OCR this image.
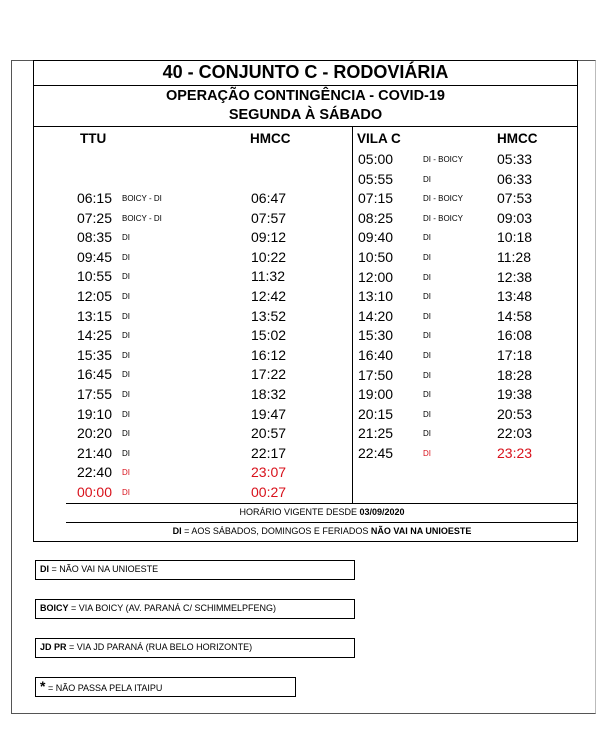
40 - CONJUNTO C - RODOVIÁRIA
OPERAÇÃO CONTINGÊNCIA - COVID-19
SEGUNDA À SÁBADO
TTU	HMCC	VILA C	HMCC
06:15 BOICY - DI	06:47
07:25 BOICY - DI	07:57
08:35 DI	09:12
09:45 DI	10:22
10:55 DI	11:32
12:05 DI	12:42
13:15 DI	13:52
14:25 DI	15:02
15:35 DI	16:12
16:45 DI	17:22
17:55 DI	18:32
19:10 DI	19:47
20:20 DI	20:57
21:40 DI	22:17
22:40 DI	23:07
00:00 DI	00:27
05:00	DI - BOICY 05:33
05:55	DI	06:33
07:15	DI - BOICY 07:53
08:25	DI - BOICY 09:03
09:40	DI	10:18
10:50	DI	11:28
12:00	DI	12:38
13:10	DI	13:48
14:20	DI	14:58
15:30	DI	16:08
16:40	DI	17:18
17:50	DI	18:28
19:00	DI	19:38
20:15	DI	20:53
21:25	DI	22:03
22:45	DI	23:23
HORÁRIO VIGENTE DESDE 03/09/2020
DI = AOS SÁBADOS, DOMINGOS E FERIADOS NÃO VAI NA UNIOESTE
DI = NÃO VAI NA UNIOESTE
BOICY = VIA BOICY (AV. PARANÁ C/ SCHIMMELPFENG)
JD PR = VIA JD PARANÁ (RUA BELO HORIZONTE)
* = NÃO PASSA PELA ITAIPU
